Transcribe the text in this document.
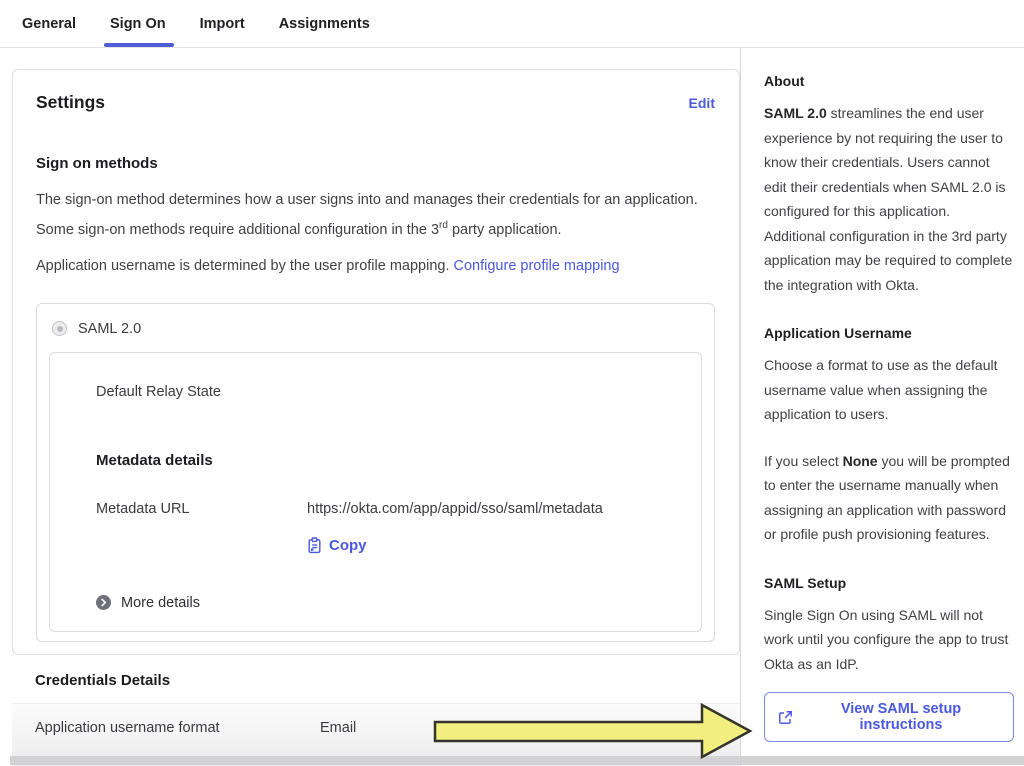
General Sign On Import Assignments
Settings	Edit
Sign on methods

The sign-on method determines how a user signs into and manages their credentials for an application. Some sign-on methods require additional configuration in the 3rd party application.

Application username is determined by the user profile mapping. Configure profile mapping

SAML 2.0
Default Relay State
Metadata details
Metadata URL	https://okta.com/app/appid/sso/saml/metadata
Copy
More details
Credentials Details
Application username format	Email
About

SAML 2.0 streamlines the end user experience by not requiring the user to know their credentials. Users cannot edit their credentials when SAML 2.0 is configured for this application. Additional configuration in the 3rd party application may be required to complete the integration with Okta.

Application Username

Choose a format to use as the default username value when assigning the application to users.

If you select None you will be prompted to enter the username manually when assigning an application with password or profile push provisioning features.

SAML Setup

Single Sign On using SAML will not work until you configure the app to trust Okta as an IdP.

View SAML setup instructions
